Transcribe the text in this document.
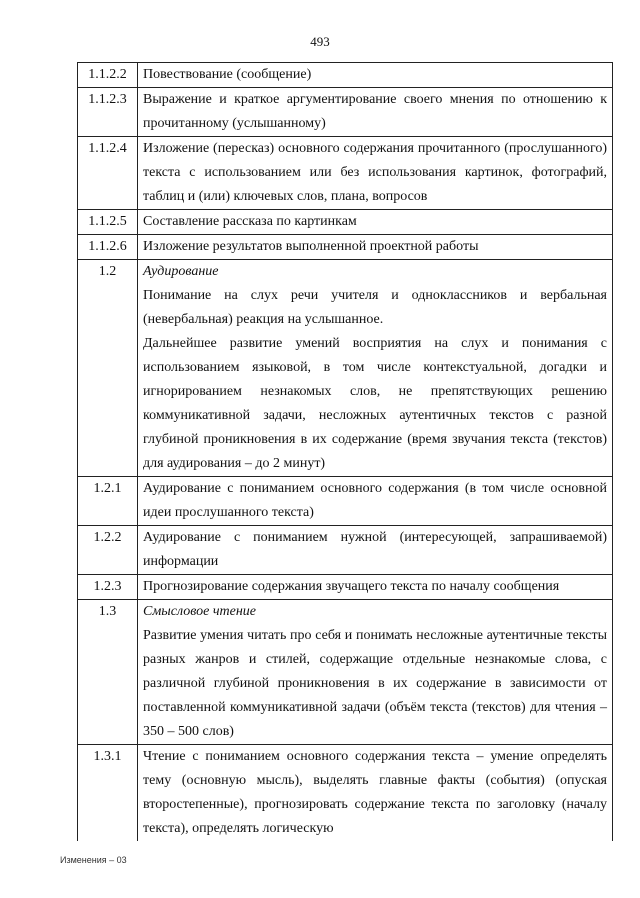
493
1.1.2.2	Повествование (сообщение)
1.1.2.3	Выражение и краткое аргументирование своего мнения по отношению к прочитанному (услышанному)
1.1.2.4	Изложение (пересказ) основного содержания прочитанного (прослушанного) текста с использованием или без использования картинок, фотографий, таблиц и (или) ключевых слов, плана, вопросов
1.1.2.5	Составление рассказа по картинкам
1.1.2.6	Изложение результатов выполненной проектной работы
1.2	Аудирование
Понимание на слух речи учителя и одноклассников и вербальная (невербальная) реакция на услышанное.
Дальнейшее развитие умений восприятия на слух и понимания с использованием языковой, в том числе контекстуальной, догадки и игнорированием незнакомых слов, не препятствующих решению коммуникативной задачи, несложных аутентичных текстов с разной глубиной проникновения в их содержание (время звучания текста (текстов) для аудирования – до 2 минут)

1.2.1	Аудирование с пониманием основного содержания (в том числе основной идеи прослушанного текста)
1.2.2	Аудирование с пониманием нужной (интересующей, запрашиваемой) информации
1.2.3	Прогнозирование содержания звучащего текста по началу сообщения
1.3	Смысловое чтение
Развитие умения читать про себя и понимать несложные аутентичные тексты разных жанров и стилей, содержащие отдельные незнакомые слова, с различной глубиной проникновения в их содержание в зависимости от поставленной коммуникативной задачи (объём текста (текстов) для чтения – 350 – 500 слов)

1.3.1	Чтение с пониманием основного содержания текста – умение определять тему (основную мысль), выделять главные факты (события) (опуская второстепенные), прогнозировать содержание текста по заголовку (началу текста), определять логическую
Изменения – 03
